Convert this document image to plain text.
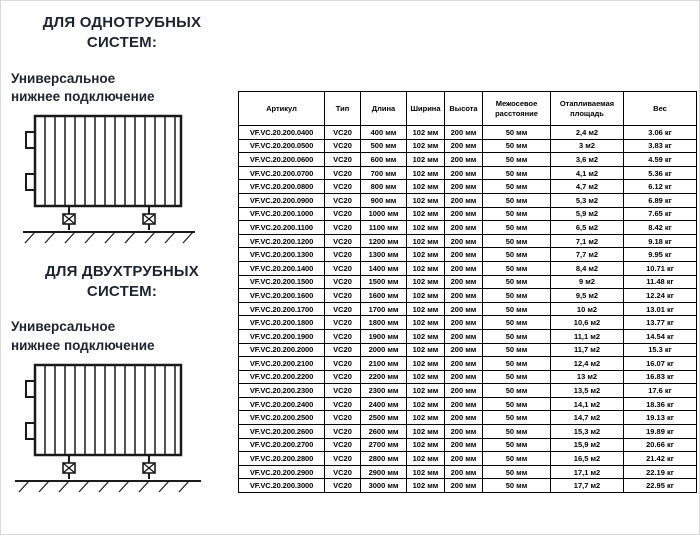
ДЛЯ ОДНОТРУБНЫХ СИСТЕМ:
Универсальное нижнее подключение
ДЛЯ ДВУХТРУБНЫХ СИСТЕМ:
Универсальное нижнее подключение
Артикул	Тип	Длина	Ширина	Высота	Межосевое расстояние	Отапливаемая площадь	Вес
VF.VC.20.200.0400	VC20	400 мм	102 мм	200 мм	50 мм	2,4 м2	3.06 кг
VF.VC.20.200.0500	VC20	500 мм	102 мм	200 мм	50 мм	3 м2	3.83 кг
VF.VC.20.200.0600	VC20	600 мм	102 мм	200 мм	50 мм	3,6 м2	4.59 кг
VF.VC.20.200.0700	VC20	700 мм	102 мм	200 мм	50 мм	4,1 м2	5.36 кг
VF.VC.20.200.0800	VC20	800 мм	102 мм	200 мм	50 мм	4,7 м2	6.12 кг
VF.VC.20.200.0900	VC20	900 мм	102 мм	200 мм	50 мм	5,3 м2	6.89 кг
VF.VC.20.200.1000	VC20	1000 мм	102 мм	200 мм	50 мм	5,9 м2	7.65 кг
VF.VC.20.200.1100	VC20	1100 мм	102 мм	200 мм	50 мм	6,5 м2	8.42 кг
VF.VC.20.200.1200	VC20	1200 мм	102 мм	200 мм	50 мм	7,1 м2	9.18 кг
VF.VC.20.200.1300	VC20	1300 мм	102 мм	200 мм	50 мм	7,7 м2	9.95 кг
VF.VC.20.200.1400	VC20	1400 мм	102 мм	200 мм	50 мм	8,4 м2	10.71 кг
VF.VC.20.200.1500	VC20	1500 мм	102 мм	200 мм	50 мм	9 м2	11.48 кг
VF.VC.20.200.1600	VC20	1600 мм	102 мм	200 мм	50 мм	9,5 м2	12.24 кг
VF.VC.20.200.1700	VC20	1700 мм	102 мм	200 мм	50 мм	10 м2	13.01 кг
VF.VC.20.200.1800	VC20	1800 мм	102 мм	200 мм	50 мм	10,6 м2	13.77 кг
VF.VC.20.200.1900	VC20	1900 мм	102 мм	200 мм	50 мм	11,1 м2	14.54 кг
VF.VC.20.200.2000	VC20	2000 мм	102 мм	200 мм	50 мм	11,7 м2	15.3 кг
VF.VC.20.200.2100	VC20	2100 мм	102 мм	200 мм	50 мм	12,4 м2	16.07 кг
VF.VC.20.200.2200	VC20	2200 мм	102 мм	200 мм	50 мм	13 м2	16.83 кг
VF.VC.20.200.2300	VC20	2300 мм	102 мм	200 мм	50 мм	13,5 м2	17.6 кг
VF.VC.20.200.2400	VC20	2400 мм	102 мм	200 мм	50 мм	14,1 м2	18.36 кг
VF.VC.20.200.2500	VC20	2500 мм	102 мм	200 мм	50 мм	14,7 м2	19.13 кг
VF.VC.20.200.2600	VC20	2600 мм	102 мм	200 мм	50 мм	15,3 м2	19.89 кг
VF.VC.20.200.2700	VC20	2700 мм	102 мм	200 мм	50 мм	15,9 м2	20.66 кг
VF.VC.20.200.2800	VC20	2800 мм	102 мм	200 мм	50 мм	16,5 м2	21.42 кг
VF.VC.20.200.2900	VC20	2900 мм	102 мм	200 мм	50 мм	17,1 м2	22.19 кг
VF.VC.20.200.3000	VC20	3000 мм	102 мм	200 мм	50 мм	17,7 м2	22.95 кг
